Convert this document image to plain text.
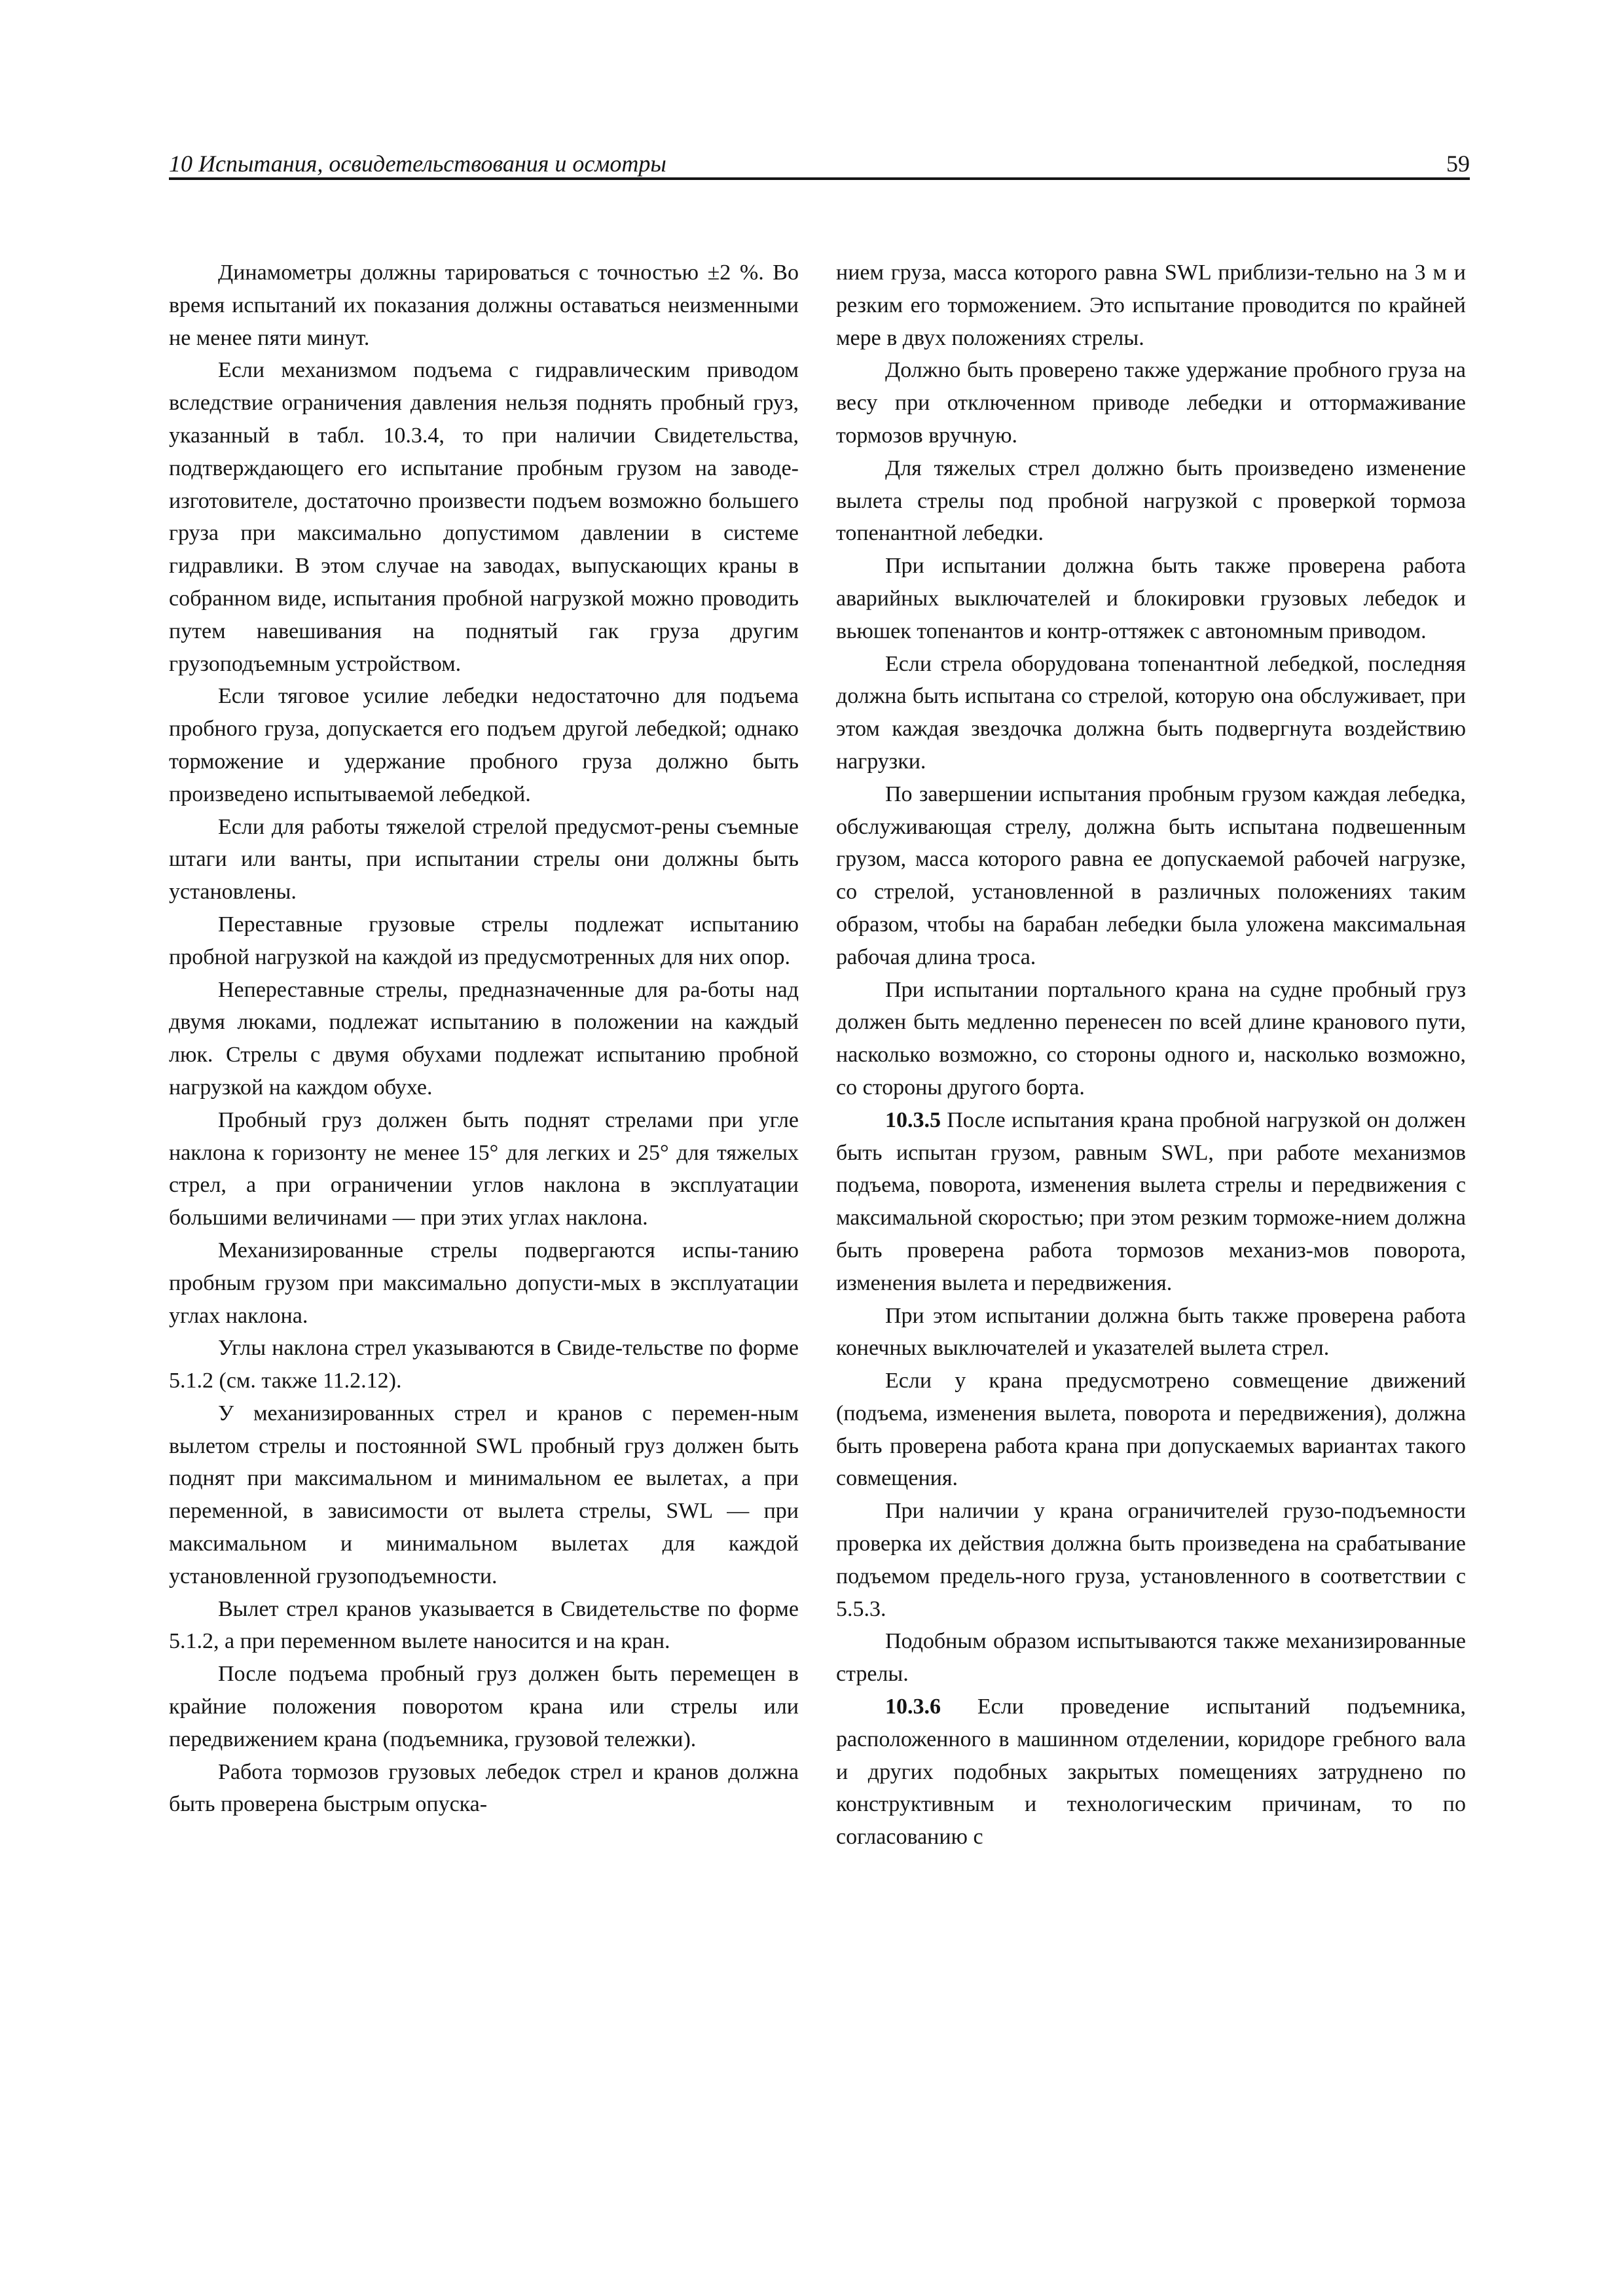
10 Испытания, освидетельствования и осмотры	59

Динамометры должны тарироваться с точностью ±2 %. Во время испытаний их показания должны оставаться неизменными не менее пяти минут.

Если механизмом подъема с гидравлическим приводом вследствие ограничения давления нельзя поднять пробный груз, указанный в табл. 10.3.4, то при наличии Свидетельства, подтверждающего его испытание пробным грузом на заводе-изготовителе, достаточно произвести подъем возможно большего груза при максимально допустимом давлении в системе гидравлики. В этом случае на заводах, выпускающих краны в собранном виде, испытания пробной нагрузкой можно проводить путем навешивания на поднятый гак груза другим грузоподъемным устройством.

Если тяговое усилие лебедки недостаточно для подъема пробного груза, допускается его подъем другой лебедкой; однако торможение и удержание пробного груза должно быть произведено испытываемой лебедкой.

Если для работы тяжелой стрелой предусмот-рены съемные штаги или ванты, при испытании стрелы они должны быть установлены.

Переставные грузовые стрелы подлежат испытанию пробной нагрузкой на каждой из предусмотренных для них опор.

Непереставные стрелы, предназначенные для ра-боты над двумя люками, подлежат испытанию в положении на каждый люк. Стрелы с двумя обухами подлежат испытанию пробной нагрузкой на каждом обухе.

Пробный груз должен быть поднят стрелами при угле наклона к горизонту не менее 15° для легких и 25° для тяжелых стрел, а при ограничении углов наклона в эксплуатации большими величинами — при этих углах наклона.

Механизированные стрелы подвергаются испы-танию пробным грузом при максимально допусти-мых в эксплуатации углах наклона.

Углы наклона стрел указываются в Свиде-тельстве по форме 5.1.2 (см. также 11.2.12).

У механизированных стрел и кранов с перемен-ным вылетом стрелы и постоянной SWL пробный груз должен быть поднят при максимальном и минимальном ее вылетах, а при переменной, в зависимости от вылета стрелы, SWL — при максимальном и минимальном вылетах для каждой установленной грузоподъемности.

Вылет стрел кранов указывается в Свидетельстве по форме 5.1.2, а при переменном вылете наносится и на кран.

После подъема пробный груз должен быть перемещен в крайние положения поворотом крана или стрелы или передвижением крана (подъемника, грузовой тележки).

Работа тормозов грузовых лебедок стрел и кранов должна быть проверена быстрым опуска-

нием груза, масса которого равна SWL приблизи-тельно на 3 м и резким его торможением. Это испытание проводится по крайней мере в двух положениях стрелы.

Должно быть проверено также удержание пробного груза на весу при отключенном приводе лебедки и оттормаживание тормозов вручную.

Для тяжелых стрел должно быть произведено изменение вылета стрелы под пробной нагрузкой с проверкой тормоза топенантной лебедки.

При испытании должна быть также проверена работа аварийных выключателей и блокировки грузовых лебедок и вьюшек топенантов и контр-оттяжек с автономным приводом.

Если стрела оборудована топенантной лебедкой, последняя должна быть испытана со стрелой, которую она обслуживает, при этом каждая звездочка должна быть подвергнута воздействию нагрузки.

По завершении испытания пробным грузом каждая лебедка, обслуживающая стрелу, должна быть испытана подвешенным грузом, масса которого равна ее допускаемой рабочей нагрузке, со стрелой, установленной в различных положениях таким образом, чтобы на барабан лебедки была уложена максимальная рабочая длина троса.

При испытании портального крана на судне пробный груз должен быть медленно перенесен по всей длине кранового пути, насколько возможно, со стороны одного и, насколько возможно, со стороны другого борта.

10.3.5 После испытания крана пробной нагрузкой он должен быть испытан грузом, равным SWL, при работе механизмов подъема, поворота, изменения вылета стрелы и передвижения с максимальной скоростью; при этом резким торможе-нием должна быть проверена работа тормозов механиз-мов поворота, изменения вылета и передвижения.

При этом испытании должна быть также проверена работа конечных выключателей и указателей вылета стрел.

Если у крана предусмотрено совмещение движений (подъема, изменения вылета, поворота и передвижения), должна быть проверена работа крана при допускаемых вариантах такого совмещения.

При наличии у крана ограничителей грузо-подъемности проверка их действия должна быть произведена на срабатывание подъемом предель-ного груза, установленного в соответствии с 5.5.3.

Подобным образом испытываются также механизированные стрелы.

10.3.6 Если проведение испытаний подъемника, расположенного в машинном отделении, коридоре гребного вала и других подобных закрытых помещениях затруднено по конструктивным и технологическим причинам, то по согласованию с
